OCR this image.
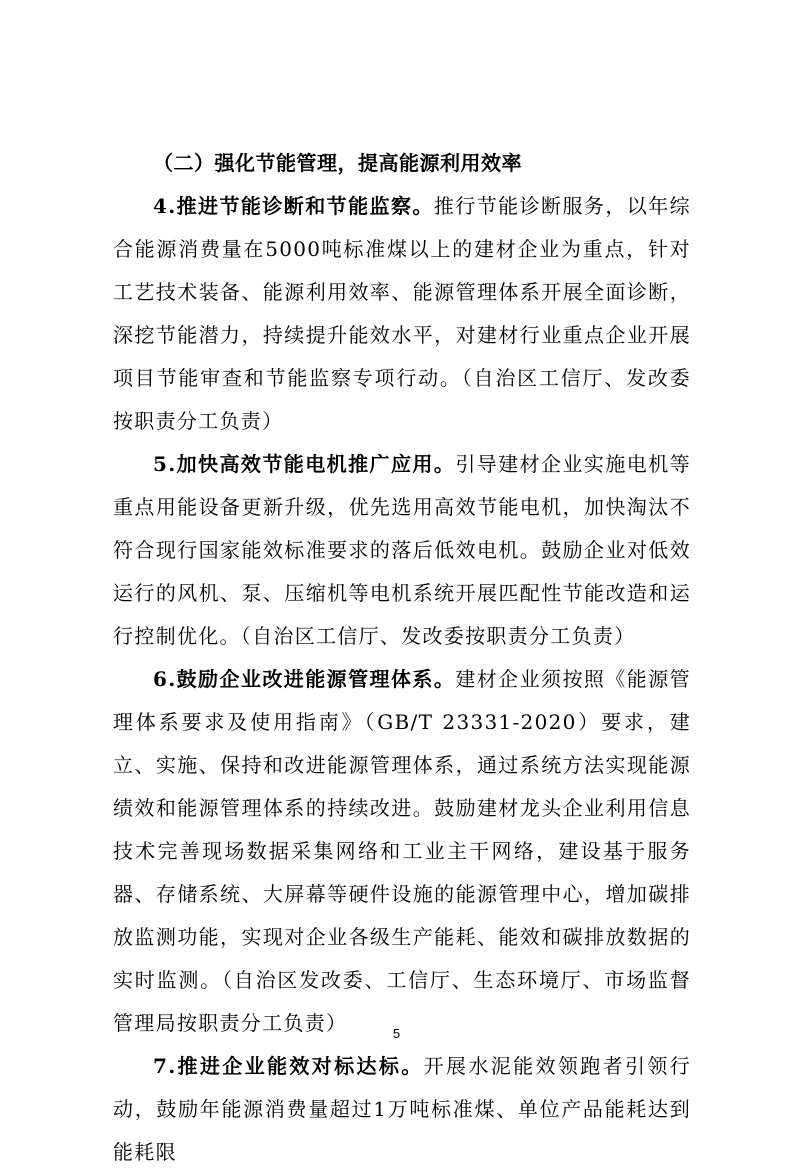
（二）强化节能管理，提高能源利用效率

4.推进节能诊断和节能监察。推行节能诊断服务，以年综合能源消费量在5000吨标准煤以上的建材企业为重点，针对工艺技术装备、能源利用效率、能源管理体系开展全面诊断，深挖节能潜力，持续提升能效水平，对建材行业重点企业开展项目节能审查和节能监察专项行动。（自治区工信厅、发改委按职责分工负责）

5.加快高效节能电机推广应用。引导建材企业实施电机等重点用能设备更新升级，优先选用高效节能电机，加快淘汰不符合现行国家能效标准要求的落后低效电机。鼓励企业对低效运行的风机、泵、压缩机等电机系统开展匹配性节能改造和运行控制优化。（自治区工信厅、发改委按职责分工负责）

6.鼓励企业改进能源管理体系。建材企业须按照《能源管理体系要求及使用指南》（GB/T 23331-2020）要求，建立、实施、保持和改进能源管理体系，通过系统方法实现能源绩效和能源管理体系的持续改进。鼓励建材龙头企业利用信息技术完善现场数据采集网络和工业主干网络，建设基于服务器、存储系统、大屏幕等硬件设施的能源管理中心，增加碳排放监测功能，实现对企业各级生产能耗、能效和碳排放数据的实时监测。（自治区发改委、工信厅、生态环境厅、市场监督管理局按职责分工负责）

7.推进企业能效对标达标。开展水泥能效领跑者引领行动，鼓励年能源消费量超过1万吨标准煤、单位产品能耗达到能耗限

5
